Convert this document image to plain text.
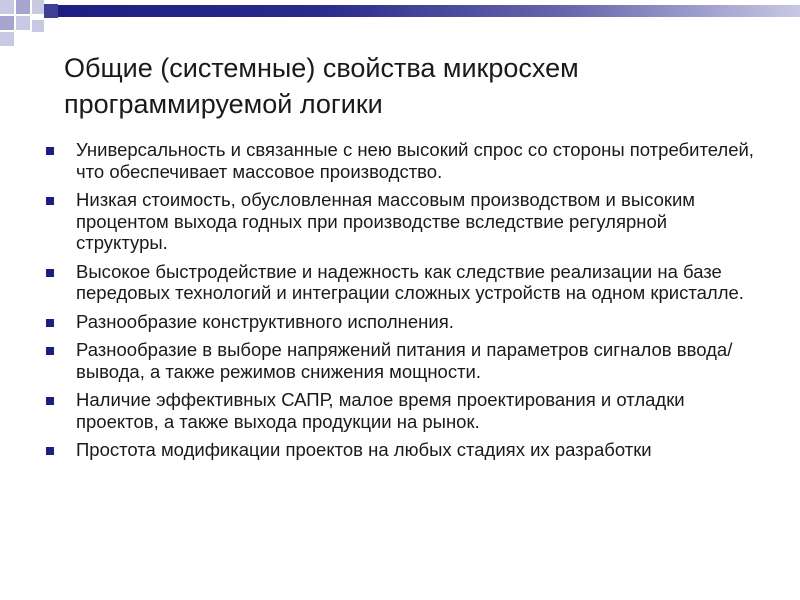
Общие (системные) свойства микросхем программируемой логики
Универсальность и связанные с нею высокий спрос со стороны потребителей, что обеспечивает массовое производство.
Низкая стоимость, обусловленная массовым производством и высоким процентом выхода годных при производстве вследствие регулярной структуры.
Высокое быстродействие и надежность как следствие реализации на базе передовых технологий и интеграции сложных устройств на одном кристалле.
Разнообразие конструктивного исполнения.
Разнообразие в выборе напряжений питания и параметров сигналов ввода/вывода, а также режимов снижения мощности.
Наличие эффективных САПР, малое время проектирования и отладки проектов, а также выхода продукции на рынок.
Простота модификации проектов на любых стадиях их разработки
